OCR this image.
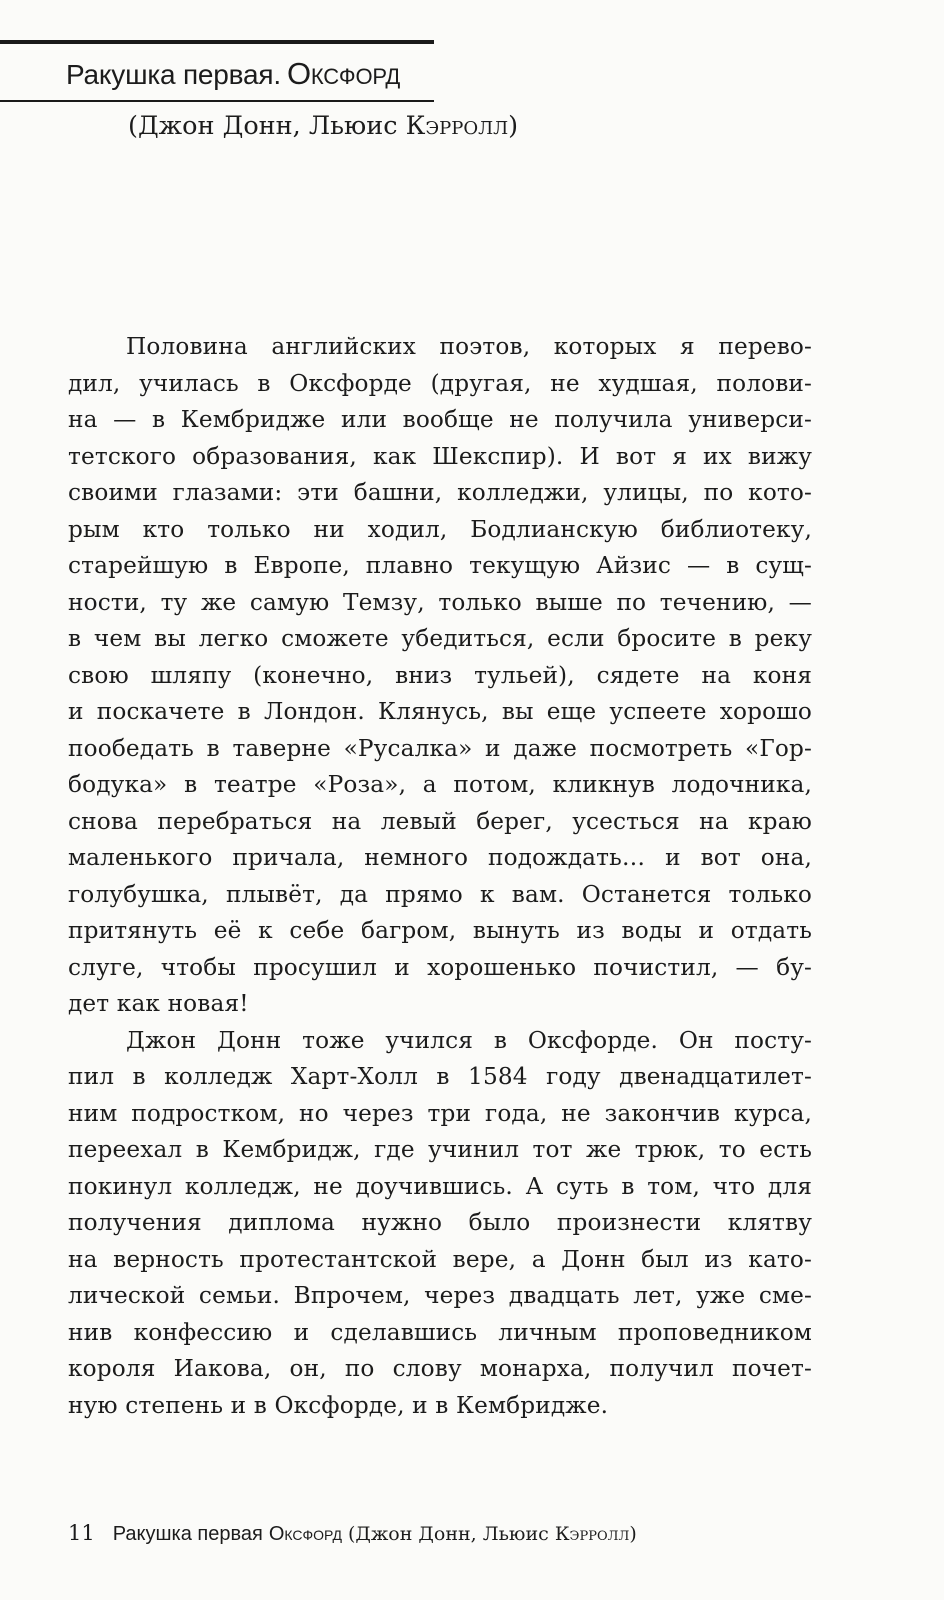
Ракушка первая. Оксфорд
(Джон Донн, Льюис Кэрролл)
Половина английских поэтов, которых я перево-
дил, училась в Оксфорде (другая, не худшая, полови-
на — в Кембридже или вообще не получила универси-
тетского образования, как Шекспир). И вот я их вижу
своими глазами: эти башни, колледжи, улицы, по кото-
рым кто только ни ходил, Бодлианскую библиотеку,
старейшую в Европе, плавно текущую Айзис — в сущ-
ности, ту же самую Темзу, только выше по течению, —
в чем вы легко сможете убедиться, если бросите в реку
свою шляпу (конечно, вниз тульей), сядете на коня
и поскачете в Лондон. Клянусь, вы еще успеете хорошо
пообедать в таверне «Русалка» и даже посмотреть «Гор-
бодука» в театре «Роза», а потом, кликнув лодочника,
снова перебраться на левый берег, усесться на краю
маленького причала, немного подождать… и вот она,
голубушка, плывёт, да прямо к вам. Останется только
притянуть её к себе багром, вынуть из воды и отдать
слуге, чтобы просушил и хорошенько почистил, — бу-
дет как новая!
Джон Донн тоже учился в Оксфорде. Он посту-
пил в колледж Харт-Холл в 1584 году двенадцатилет-
ним подростком, но через три года, не закончив курса,
переехал в Кембридж, где учинил тот же трюк, то есть
покинул колледж, не доучившись. А суть в том, что для
получения диплома нужно было произнести клятву
на верность протестантской вере, а Донн был из като-
лической семьи. Впрочем, через двадцать лет, уже сме-
нив конфессию и сделавшись личным проповедником
короля Иакова, он, по слову монарха, получил почет-
ную степень и в Оксфорде, и в Кембридже.
11 Ракушка первая Оксфорд (Джон Донн, Льюис Кэрролл)
